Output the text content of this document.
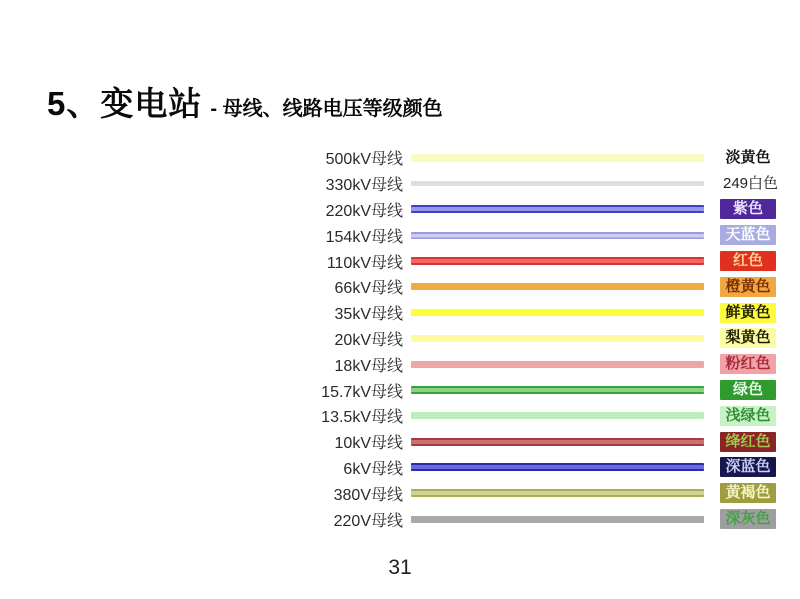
5、变电站 - 母线、线路电压等级颜色
500kV母线	淡黄色
330kV母线	249白色
220kV母线	紫色
154kV母线	天蓝色
110kV母线	红色
66kV母线	橙黄色
35kV母线	鲜黄色
20kV母线	梨黄色
18kV母线	粉红色
15.7kV母线	绿色
13.5kV母线	浅绿色
10kV母线	绛红色
6kV母线	深蓝色
380V母线	黄褐色
220V母线	深灰色
31
